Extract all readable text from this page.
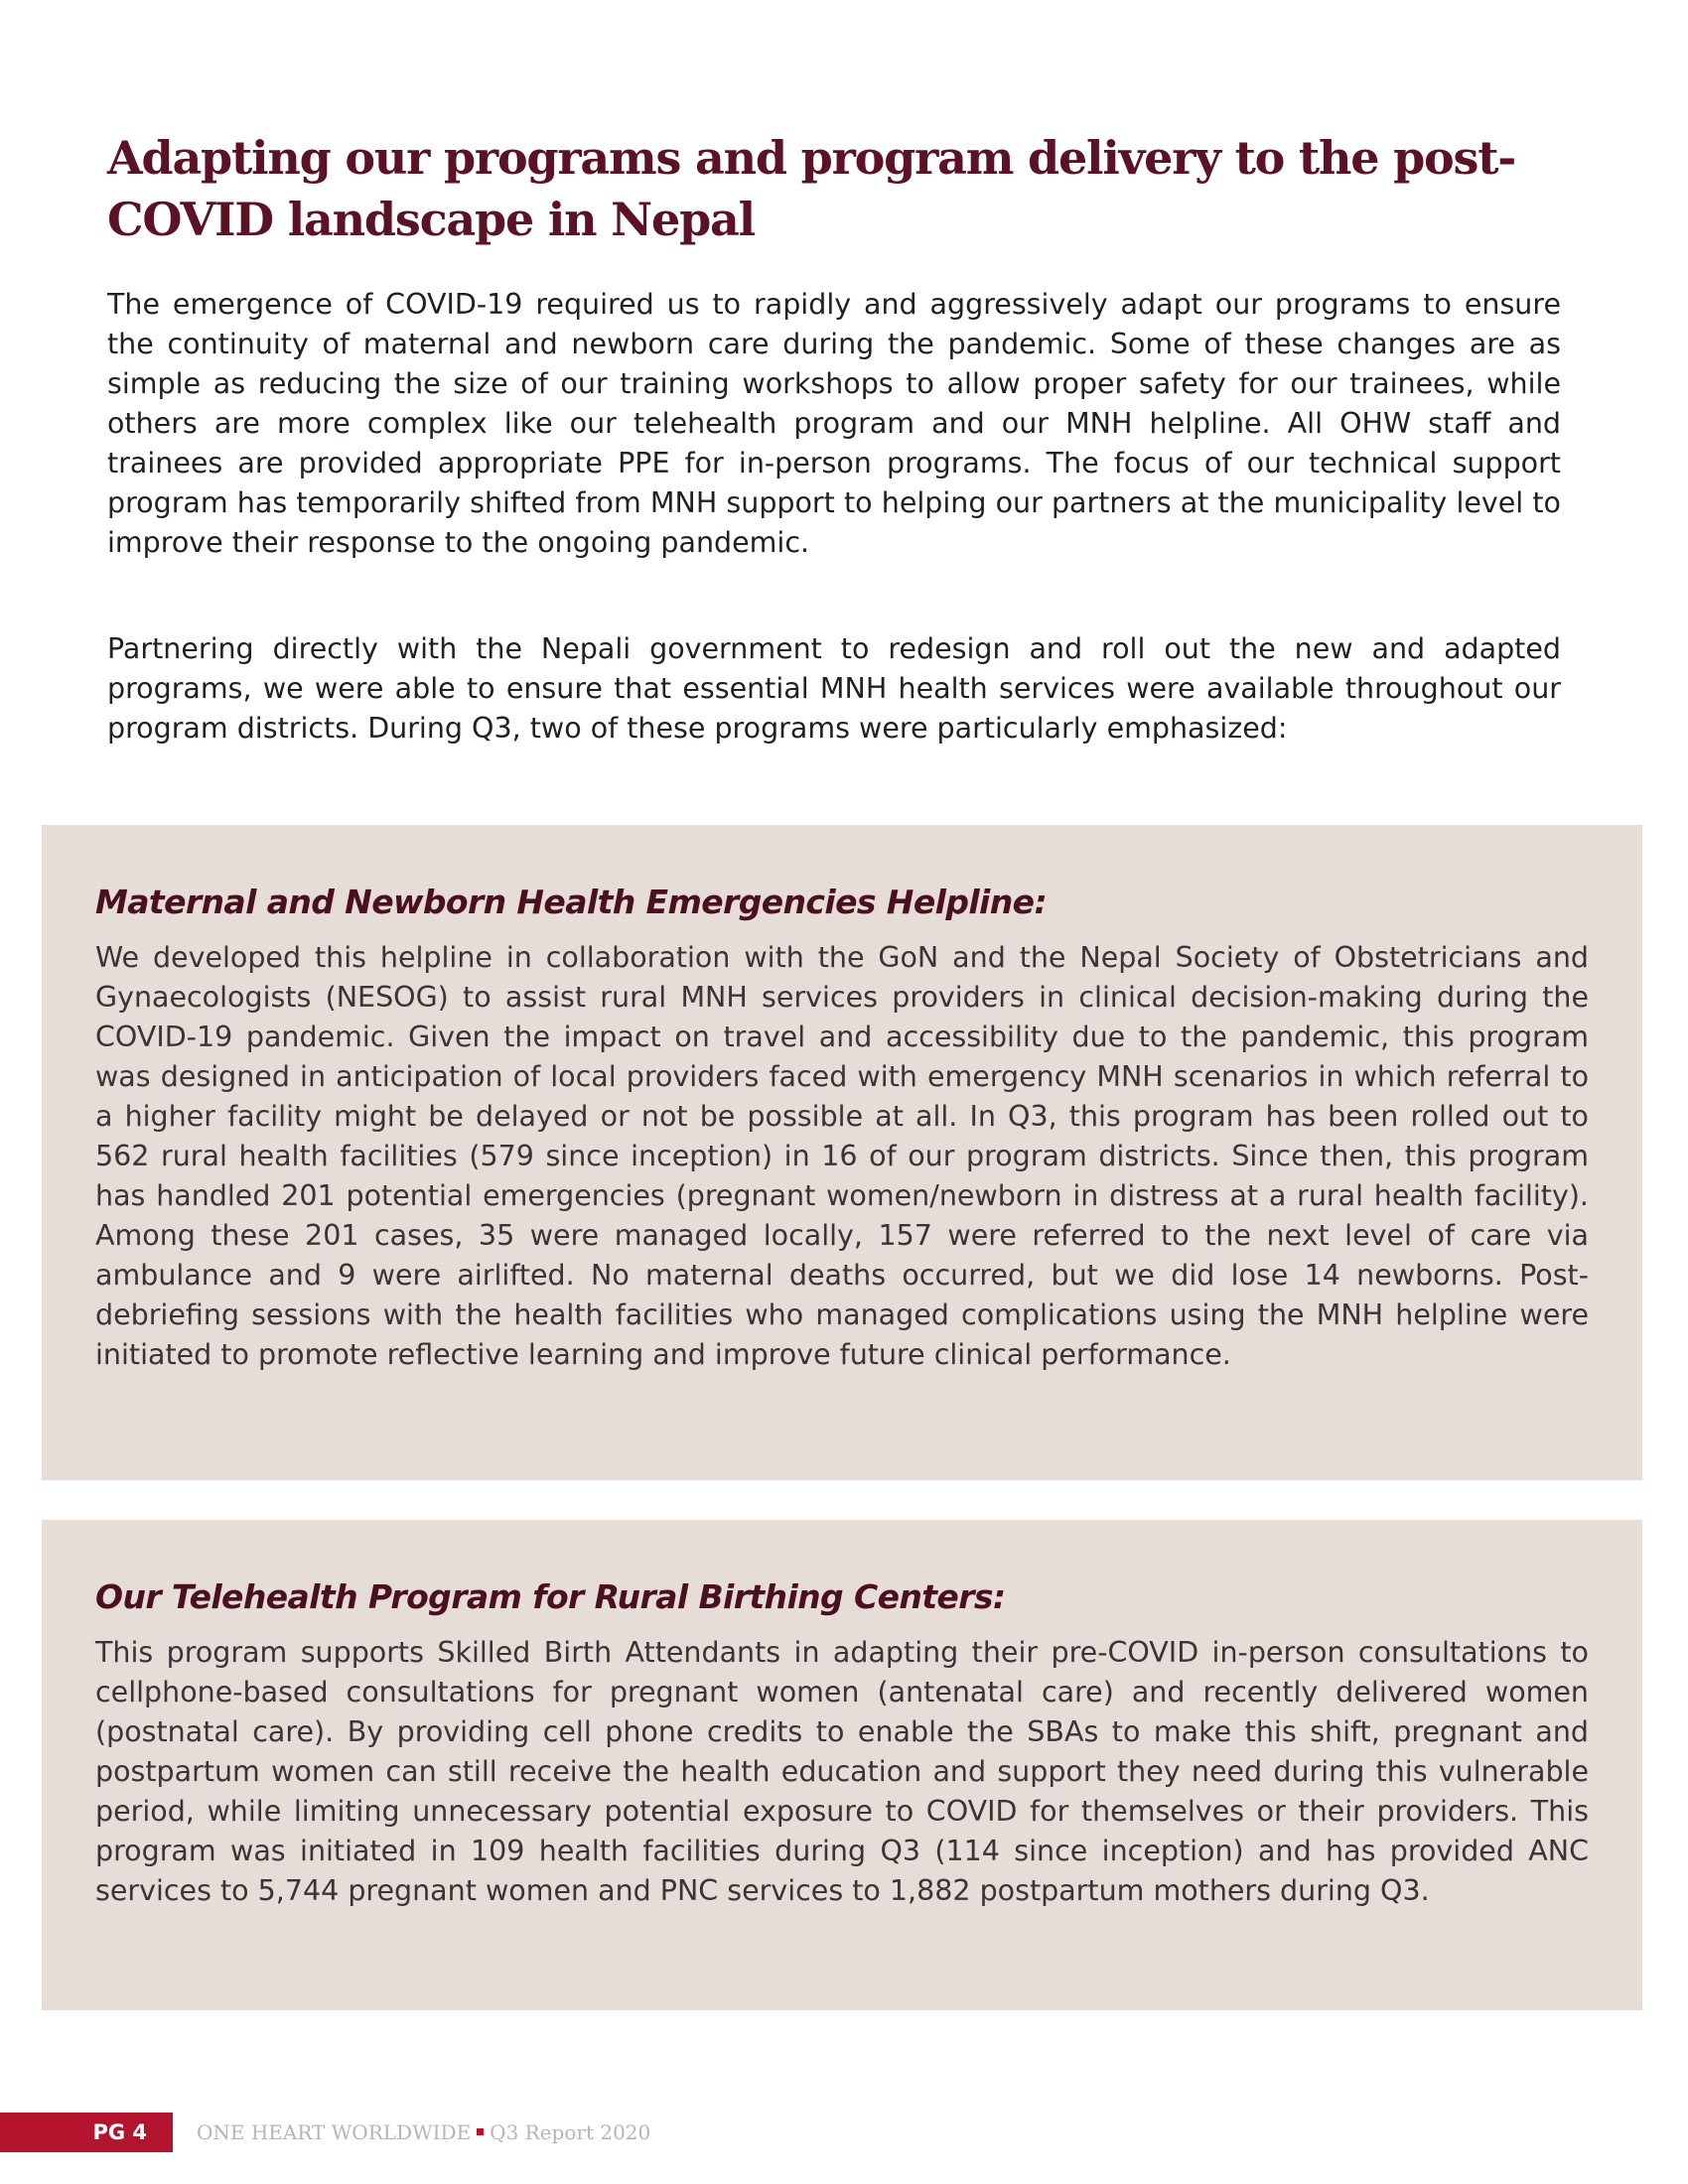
Adapting our programs and program delivery to the post-COVID landscape in Nepal

The emergence of COVID-19 required us to rapidly and aggressively adapt our programs to ensure the continuity of maternal and newborn care during the pandemic. Some of these changes are as simple as reducing the size of our training workshops to allow proper safety for our trainees, while others are more complex like our telehealth program and our MNH helpline. All OHW staff and trainees are provided appropriate PPE for in-person programs. The focus of our technical support program has temporarily shifted from MNH support to helping our partners at the municipality level to improve their response to the ongoing pandemic.

Partnering directly with the Nepali government to redesign and roll out the new and adapted programs, we were able to ensure that essential MNH health services were available throughout our program districts. During Q3, two of these programs were particularly emphasized:

Maternal and Newborn Health Emergencies Helpline:

We developed this helpline in collaboration with the GoN and the Nepal Society of Obstetricians and Gynaecologists (NESOG) to assist rural MNH services providers in clinical decision-making during the COVID-19 pandemic. Given the impact on travel and accessibility due to the pandemic, this program was designed in anticipation of local providers faced with emergency MNH scenarios in which referral to a higher facility might be delayed or not be possible at all. In Q3, this program has been rolled out to 562 rural health facilities (579 since inception) in 16 of our program districts. Since then, this program has handled 201 potential emergencies (pregnant women/newborn in distress at a rural health facility). Among these 201 cases, 35 were managed locally, 157 were referred to the next level of care via ambulance and 9 were airlifted. No maternal deaths occurred, but we did lose 14 newborns. Post-debriefing sessions with the health facilities who managed complications using the MNH helpline were initiated to promote reflective learning and improve future clinical performance.

Our Telehealth Program for Rural Birthing Centers:

This program supports Skilled Birth Attendants in adapting their pre-COVID in-person consultations to cellphone-based consultations for pregnant women (antenatal care) and recently delivered women (postnatal care). By providing cell phone credits to enable the SBAs to make this shift, pregnant and postpartum women can still receive the health education and support they need during this vulnerable period, while limiting unnecessary potential exposure to COVID for themselves or their providers. This program was initiated in 109 health facilities during Q3 (114 since inception) and has provided ANC services to 5,744 pregnant women and PNC services to 1,882 postpartum mothers during Q3.

PG 4	ONE HEART WORLDWIDE Q3 Report 2020
